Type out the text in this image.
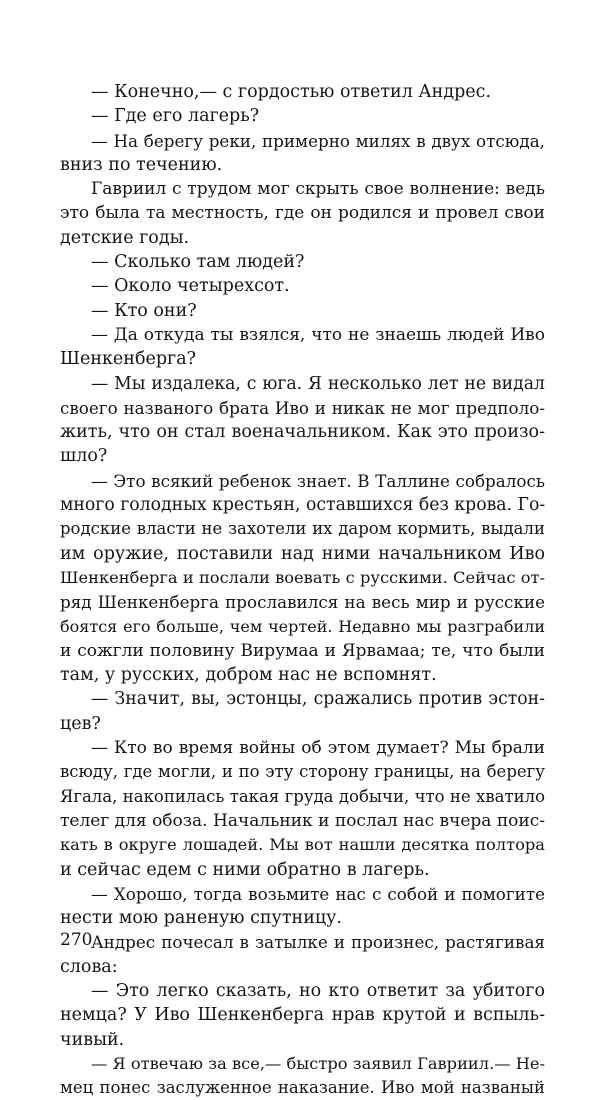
— Конечно,— с гордостью ответил Андрес.
— Где его лагерь?
— На берегу реки, примерно милях в двух отсюда,
вниз по течению.
Гавриил с трудом мог скрыть свое волнение: ведь
это была та местность, где он родился и провел свои
детские годы.
— Сколько там людей?
— Около четырехсот.
— Кто они?
— Да откуда ты взялся, что не знаешь людей Иво
Шенкенберга?
— Мы издалека, с юга. Я несколько лет не видал
своего названого брата Иво и никак не мог предполо-
жить, что он стал военачальником. Как это произо-
шло?
— Это всякий ребенок знает. В Таллине собралось
много голодных крестьян, оставшихся без крова. Го-
родские власти не захотели их даром кормить, выдали
им оружие, поставили над ними начальником Иво
Шенкенберга и послали воевать с русскими. Сейчас от-
ряд Шенкенберга прославился на весь мир и русские
боятся его больше, чем чертей. Недавно мы разграбили
и сожгли половину Вирумаа и Ярвамаа; те, что были
там, у русских, добром нас не вспомнят.
— Значит, вы, эстонцы, сражались против эстон-
цев?
— Кто во время войны об этом думает? Мы брали
всюду, где могли, и по эту сторону границы, на берегу
Ягала, накопилась такая груда добычи, что не хватило
телег для обоза. Начальник и послал нас вчера поис-
кать в округе лошадей. Мы вот нашли десятка полтора
и сейчас едем с ними обратно в лагерь.
— Хорошо, тогда возьмите нас с собой и помогите
нести мою раненую спутницу.
Андрес почесал в затылке и произнес, растягивая
слова:
— Это легко сказать, но кто ответит за убитого
немца? У Иво Шенкенберга нрав крутой и вспыль-
чивый.
— Я отвечаю за все,— быстро заявил Гавриил.— Не-
мец понес заслуженное наказание. Иво мой названый
270
